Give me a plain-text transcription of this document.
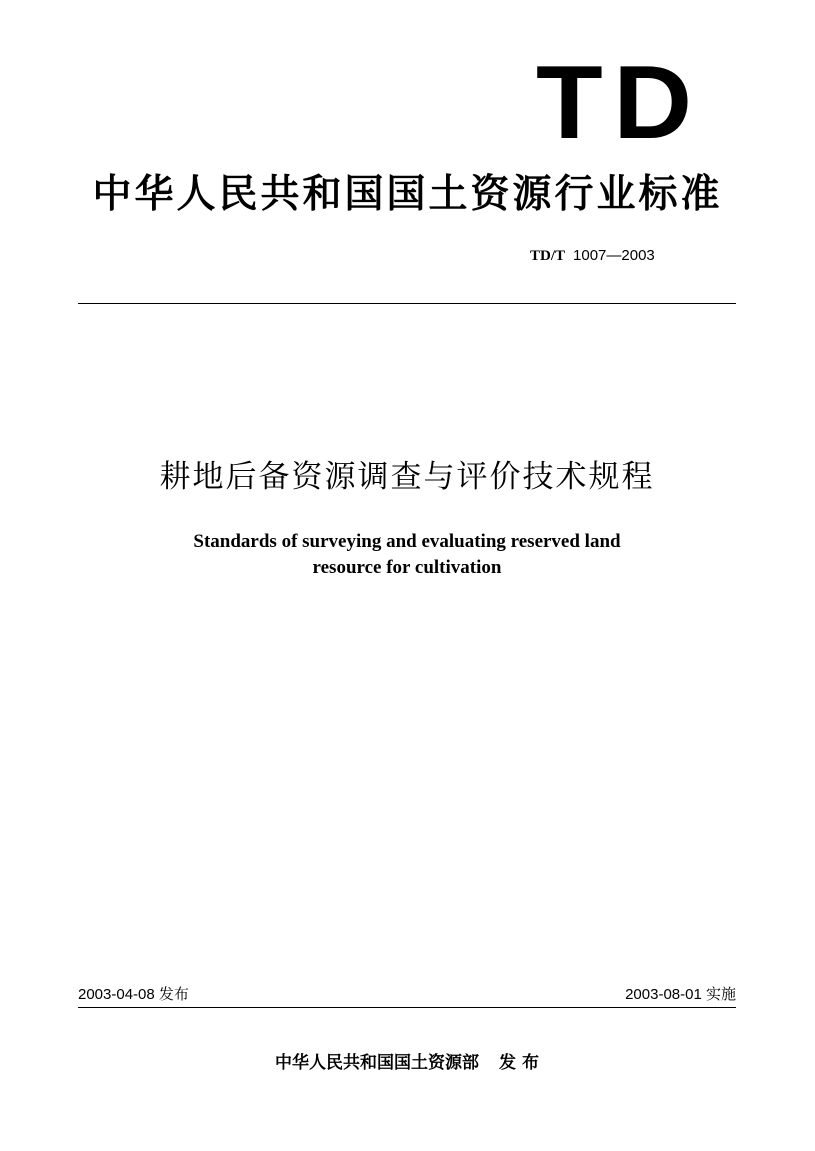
TD
中华人民共和国国土资源行业标准
TD/T 1007—2003
耕地后备资源调查与评价技术规程
Standards of surveying and evaluating reserved land
resource for cultivation
2003-04-08 发布	2003-08-01 实施
中华人民共和国国土资源部 发 布
